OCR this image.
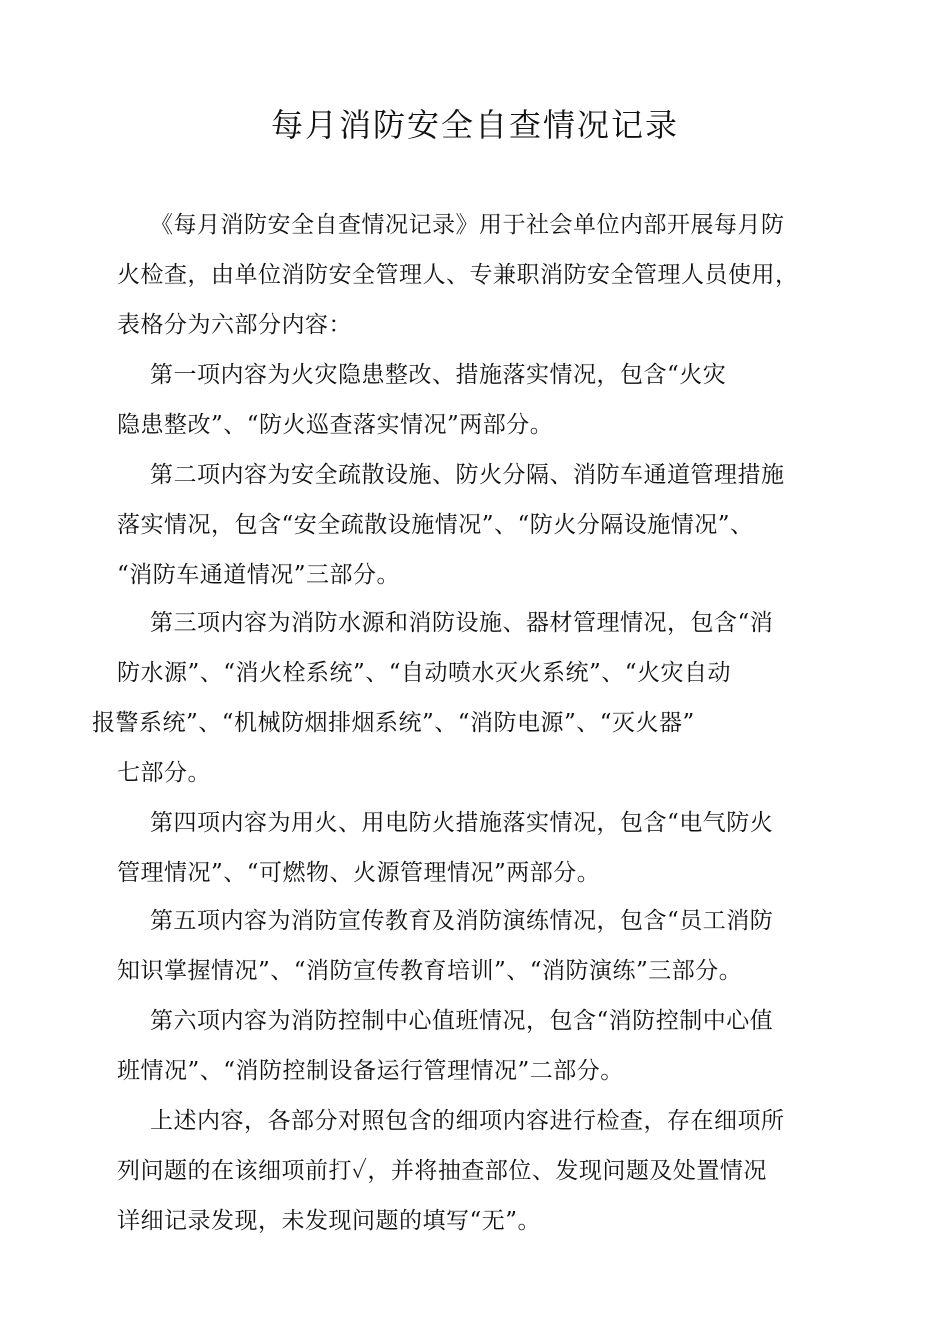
每月消防安全自查情况记录
《每月消防安全自查情况记录》用于社会单位内部开展每月防
火检查，由单位消防安全管理人、专兼职消防安全管理人员使用，
表格分为六部分内容：
第一项内容为火灾隐患整改、措施落实情况，包含“火灾
隐患整改”、“防火巡查落实情况”两部分。
第二项内容为安全疏散设施、防火分隔、消防车通道管理措施
落实情况，包含“安全疏散设施情况”、“防火分隔设施情况”、
“消防车通道情况”三部分。
第三项内容为消防水源和消防设施、器材管理情况，包含“消
防水源”、“消火栓系统”、“自动喷水灭火系统”、“火灾自动
报警系统”、“机械防烟排烟系统”、“消防电源”、“灭火器”
七部分。
第四项内容为用火、用电防火措施落实情况，包含“电气防火
管理情况”、“可燃物、火源管理情况”两部分。
第五项内容为消防宣传教育及消防演练情况，包含“员工消防
知识掌握情况”、“消防宣传教育培训”、“消防演练”三部分。
第六项内容为消防控制中心值班情况，包含“消防控制中心值
班情况”、“消防控制设备运行管理情况”二部分。
上述内容，各部分对照包含的细项内容进行检查，存在细项所
列问题的在该细项前打✓，并将抽查部位、发现问题及处置情况
详细记录发现，未发现问题的填写“无”。
